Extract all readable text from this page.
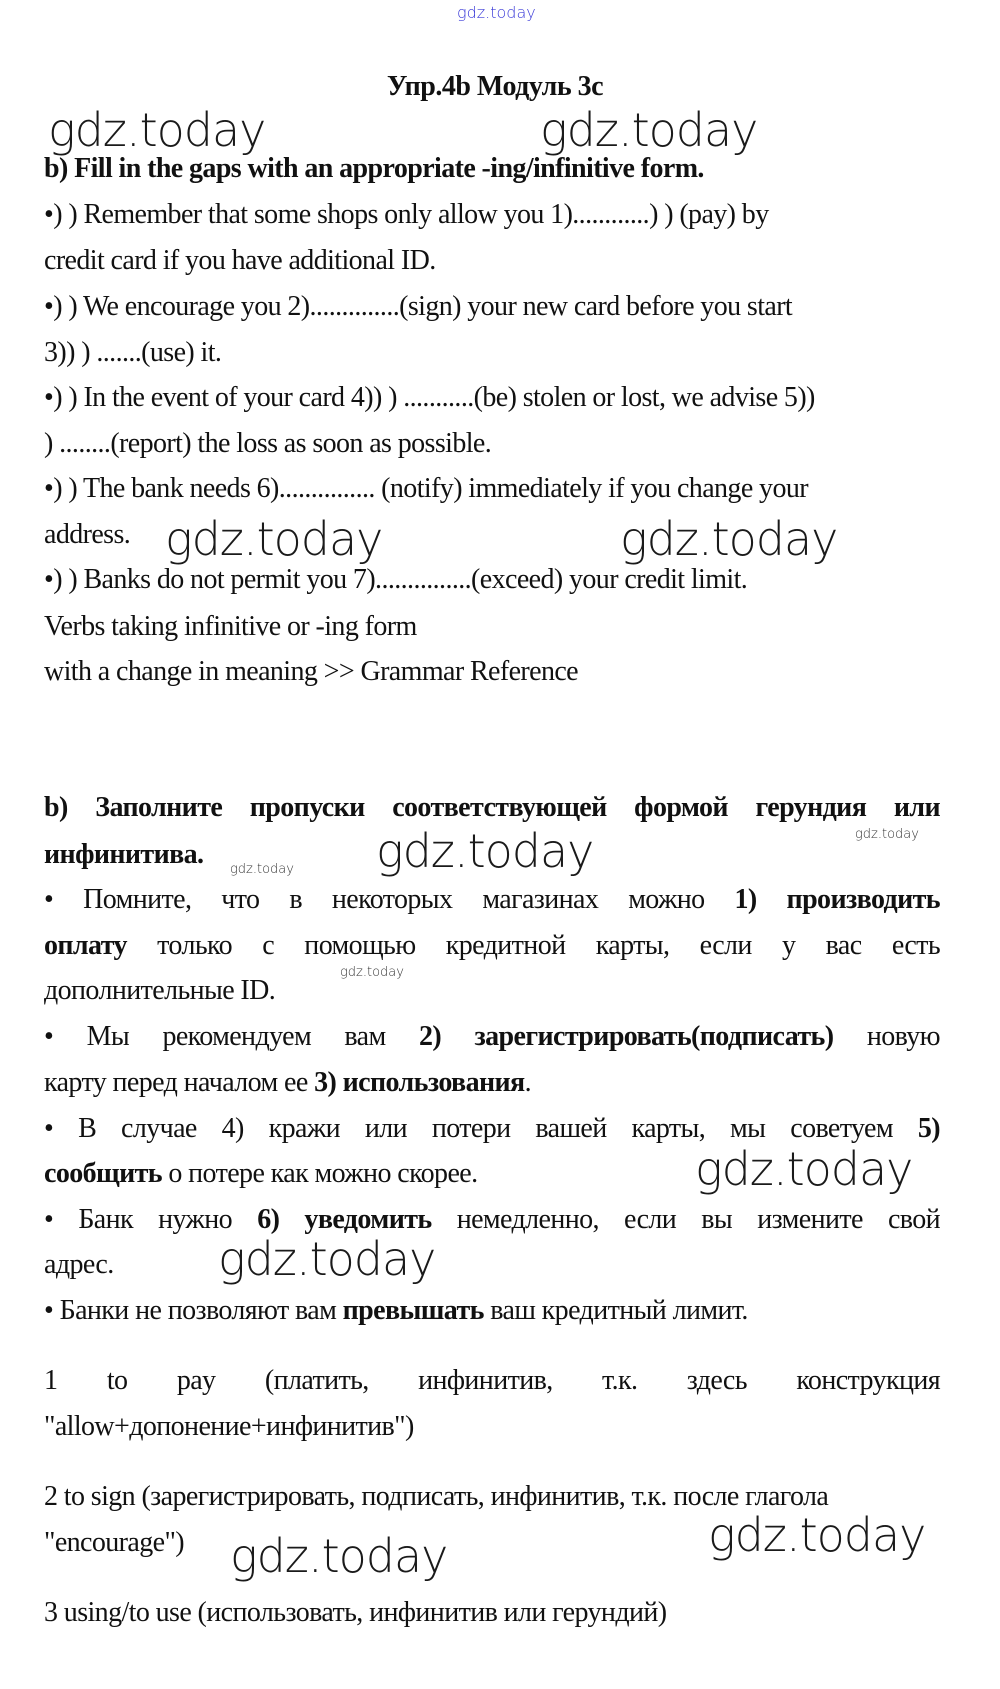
gdz.today
Упр.4b Модуль 3c
b) Fill in the gaps with an appropriate -ing/infinitive form.
•) ) Remember that some shops only allow you 1)............) ) (pay) by
credit card if you have additional ID.
•) ) We encourage you 2)..............(sign) your new card before you start
3)) ) .......(use) it.
•) ) In the event of your card 4)) ) ...........(be) stolen or lost, we advise 5))
) ........(report) the loss as soon as possible.
•) ) The bank needs 6)............... (notify) immediately if you change your
address.
•) ) Banks do not permit you 7)...............(exceed) your credit limit.
Verbs taking infinitive or -ing form
with a change in meaning >> Grammar Reference
b) Заполните пропуски соответствующей формой герундия или
инфинитива.
• Помните, что в некоторых магазинах можно 1) производить
оплату только с помощью кредитной карты, если у вас есть
дополнительные ID.
• Мы рекомендуем вам 2) зарегистрировать(подписать) новую
карту перед началом ее 3) использования.
• В случае 4) кражи или потери вашей карты, мы советуем 5)
сообщить о потере как можно скорее.
• Банк нужно 6) уведомить немедленно, если вы измените свой
адрес.
• Банки не позволяют вам превышать ваш кредитный лимит.
1 to pay (платить, инфинитив, т.к. здесь конструкция
"allow+допонение+инфинитив")
2 to sign (зарегистрировать, подписать, инфинитив, т.к. после глагола
"encourage")
3 using/to use (использовать, инфинитив или герундий)
gdz.today	gdz.today
gdz.today	gdz.today
gdz.today
gdz.today
gdz.today
gdz.today
gdz.today
gdz.today
gdz.today
gdz.today
